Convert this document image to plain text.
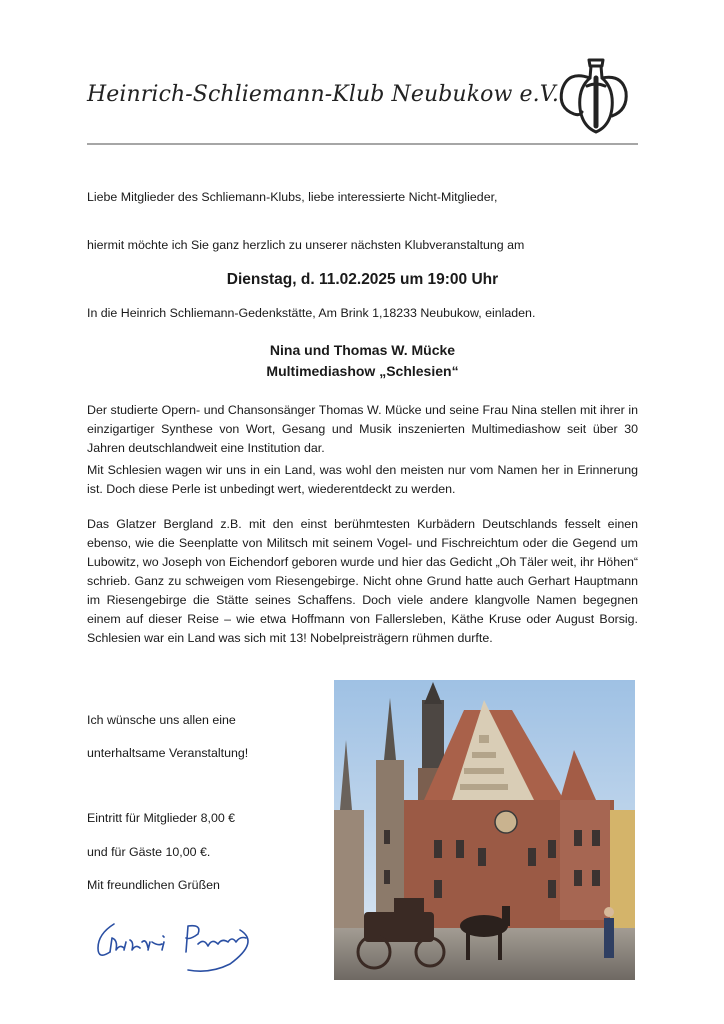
Heinrich-Schliemann-Klub Neubukow e.V.
Liebe Mitglieder des Schliemann-Klubs, liebe interessierte Nicht-Mitglieder,
hiermit möchte ich Sie ganz herzlich zu unserer nächsten Klubveranstaltung am
Dienstag, d. 11.02.2025 um 19:00 Uhr
In die Heinrich Schliemann-Gedenkstätte, Am Brink 1,18233 Neubukow, einladen.
Nina und Thomas W. Mücke
Multimediashow „Schlesien“
Der studierte Opern- und Chansonsänger Thomas W. Mücke und seine Frau Nina stellen mit ihrer in einzigartiger Synthese von Wort, Gesang und Musik inszenierten Multimediashow seit über 30 Jahren deutschlandweit eine Institution dar.
Mit Schlesien wagen wir uns in ein Land, was wohl den meisten nur vom Namen her in Erinnerung ist. Doch diese Perle ist unbedingt wert, wiederentdeckt zu werden.
Das Glatzer Bergland z.B. mit den einst berühmtesten Kurbädern Deutschlands fesselt einen ebenso, wie die Seenplatte von Militsch mit seinem Vogel- und Fischreichtum oder die Gegend um Lubowitz, wo Joseph von Eichendorf geboren wurde und hier das Gedicht „Oh Täler weit, ihr Höhen“ schrieb. Ganz zu schweigen vom Riesengebirge. Nicht ohne Grund hatte auch Gerhart Hauptmann im Riesengebirge die Stätte seines Schaffens. Doch viele andere klangvolle Namen begegnen einem auf dieser Reise – wie etwa Hoffmann von Fallersleben, Käthe Kruse oder August Borsig. Schlesien war ein Land was sich mit 13! Nobelpreisträgern rühmen durfte.
Ich wünsche uns allen eine
unterhaltsame Veranstaltung!
Eintritt für Mitglieder 8,00 €
und für Gäste 10,00 €.
Mit freundlichen Grüßen
